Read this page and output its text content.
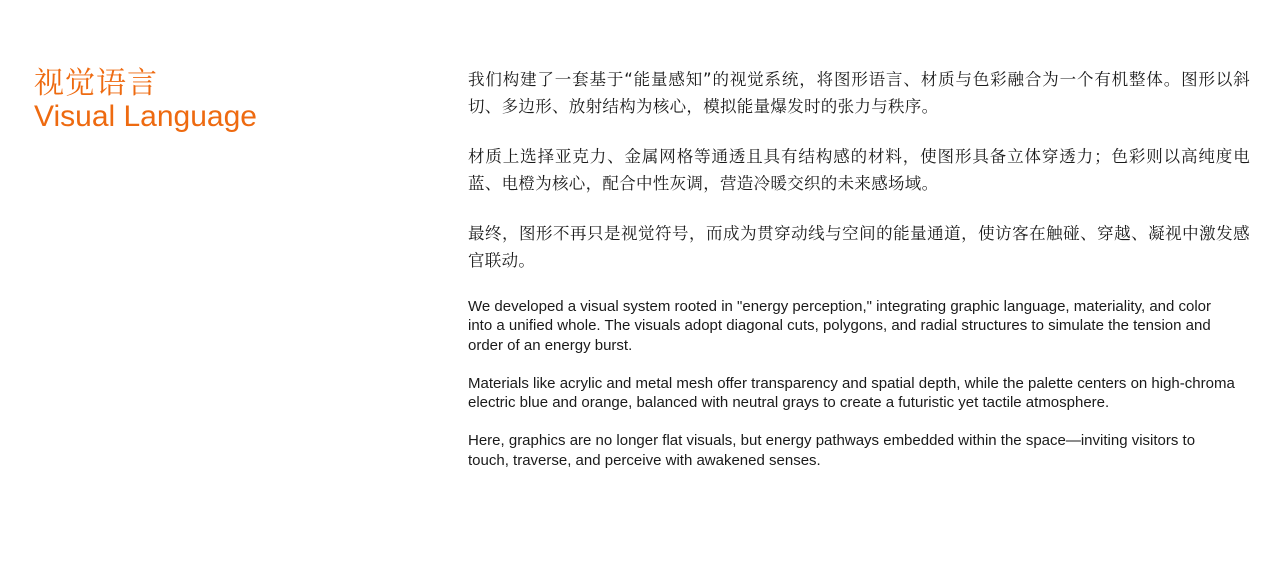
视觉语言
Visual Language

我们构建了一套基于“能量感知”的视觉系统，将图形语言、材质与色彩融合为一个有机整体。图形以斜切、多边形、放射结构为核心，模拟能量爆发时的张力与秩序。

材质上选择亚克力、金属网格等通透且具有结构感的材料，使图形具备立体穿透力；色彩则以高纯度电蓝、电橙为核心，配合中性灰调，营造冷暖交织的未来感场域。

最终，图形不再只是视觉符号，而成为贯穿动线与空间的能量通道，使访客在触碰、穿越、凝视中激发感官联动。

We developed a visual system rooted in "energy perception," integrating graphic language, materiality, and color into a unified whole. The visuals adopt diagonal cuts, polygons, and radial structures to simulate the tension and order of an energy burst.

Materials like acrylic and metal mesh offer transparency and spatial depth, while the palette centers on high-chroma electric blue and orange, balanced with neutral grays to create a futuristic yet tactile atmosphere.

Here, graphics are no longer flat visuals, but energy pathways embedded within the space—inviting visitors to touch, traverse, and perceive with awakened senses.
